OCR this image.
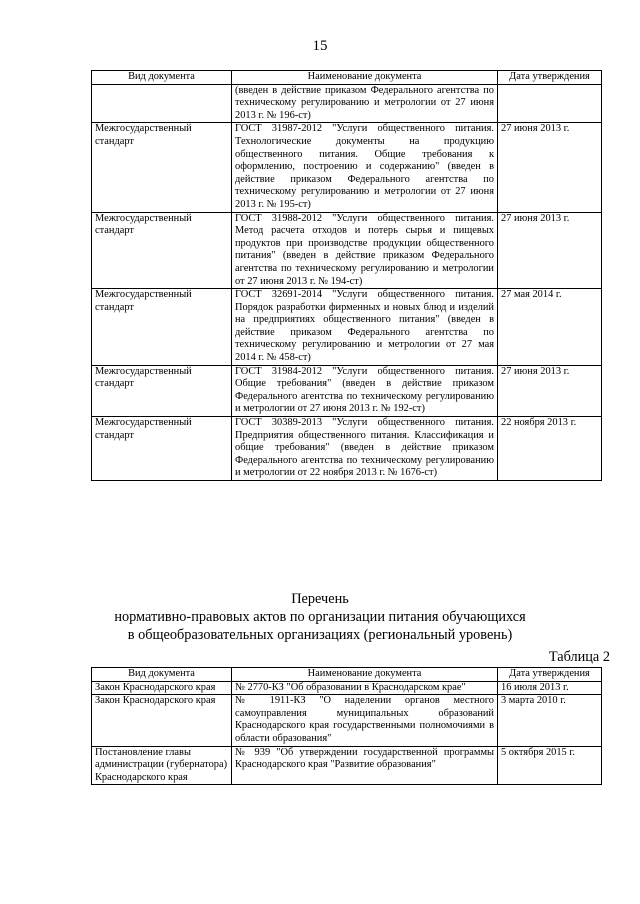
15
Вид документа	Наименование документа	Дата утверждения
	(введен в действие приказом Федерального агентства по техническому регулированию и метрологии от 27 июня 2013 г. № 196-ст)	
Межгосударственный стандарт	ГОСТ 31987-2012 "Услуги общественного питания. Технологические документы на продукцию общественного питания. Общие требования к оформлению, построению и содержанию" (введен в действие приказом Федерального агентства по техническому регулированию и метрологии от 27 июня 2013 г. № 195-ст)	27 июня 2013 г.
Межгосударственный стандарт	ГОСТ 31988-2012 "Услуги общественного питания. Метод расчета отходов и потерь сырья и пищевых продуктов при производстве продукции общественного питания" (введен в действие приказом Федерального агентства по техническому регулированию и метрологии от 27 июня 2013 г. № 194-ст)	27 июня 2013 г.
Межгосударственный стандарт	ГОСТ 32691-2014 "Услуги общественного питания. Порядок разработки фирменных и новых блюд и изделий на предприятиях общественного питания" (введен в действие приказом Федерального агентства по техническому регулированию и метрологии от 27 мая 2014 г. № 458-ст)	27 мая 2014 г.
Межгосударственный стандарт	ГОСТ 31984-2012 "Услуги общественного питания. Общие требования" (введен в действие приказом Федерального агентства по техническому регулированию и метрологии от 27 июня 2013 г. № 192-ст)	27 июня 2013 г.
Межгосударственный стандарт	ГОСТ 30389-2013 "Услуги общественного питания. Предприятия общественного питания. Классификация и общие требования" (введен в действие приказом Федерального агентства по техническому регулированию и метрологии от 22 ноября 2013 г. № 1676-ст)	22 ноября 2013 г.
Перечень
нормативно-правовых актов по организации питания обучающихся
в общеобразовательных организациях (региональный уровень)
Таблица 2
Вид документа	Наименование документа	Дата утверждения
Закон Краснодарского края	№ 2770-КЗ "Об образовании в Краснодарском крае"	16 июля 2013 г.
Закон Краснодарского края	№ 1911-КЗ "О наделении органов местного самоуправления муниципальных образований Краснодарского края государственными полномочиями в области образования"	3 марта 2010 г.
Постановление главы администрации (губернатора) Краснодарского края	№ 939 "Об утверждении государственной программы Краснодарского края "Развитие образования"	5 октября 2015 г.
